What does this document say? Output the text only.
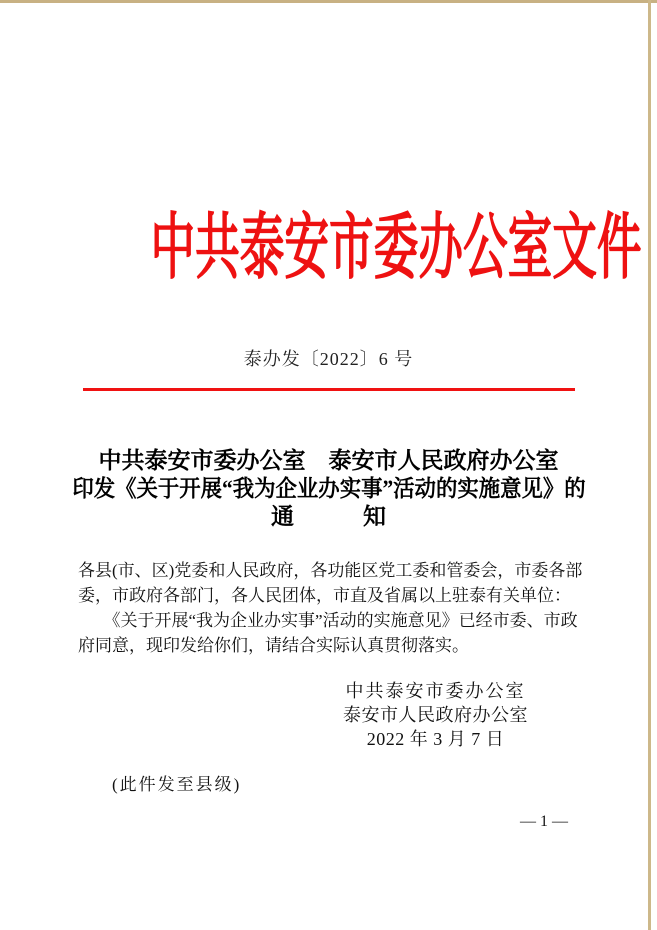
中共泰安市委办公室文件
泰办发〔2022〕6 号
中共泰安市委办公室　泰安市人民政府办公室
印发《关于开展“我为企业办实事”活动的实施意见》的
通　　　知
各县(市、区)党委和人民政府，各功能区党工委和管委会，市委各部
委，市政府各部门，各人民团体，市直及省属以上驻泰有关单位：
　　《关于开展“我为企业办实事”活动的实施意见》已经市委、市政
府同意，现印发给你们，请结合实际认真贯彻落实。
中共泰安市委办公室
泰安市人民政府办公室
2022 年 3 月 7 日
(此件发至县级)
— 1 —
